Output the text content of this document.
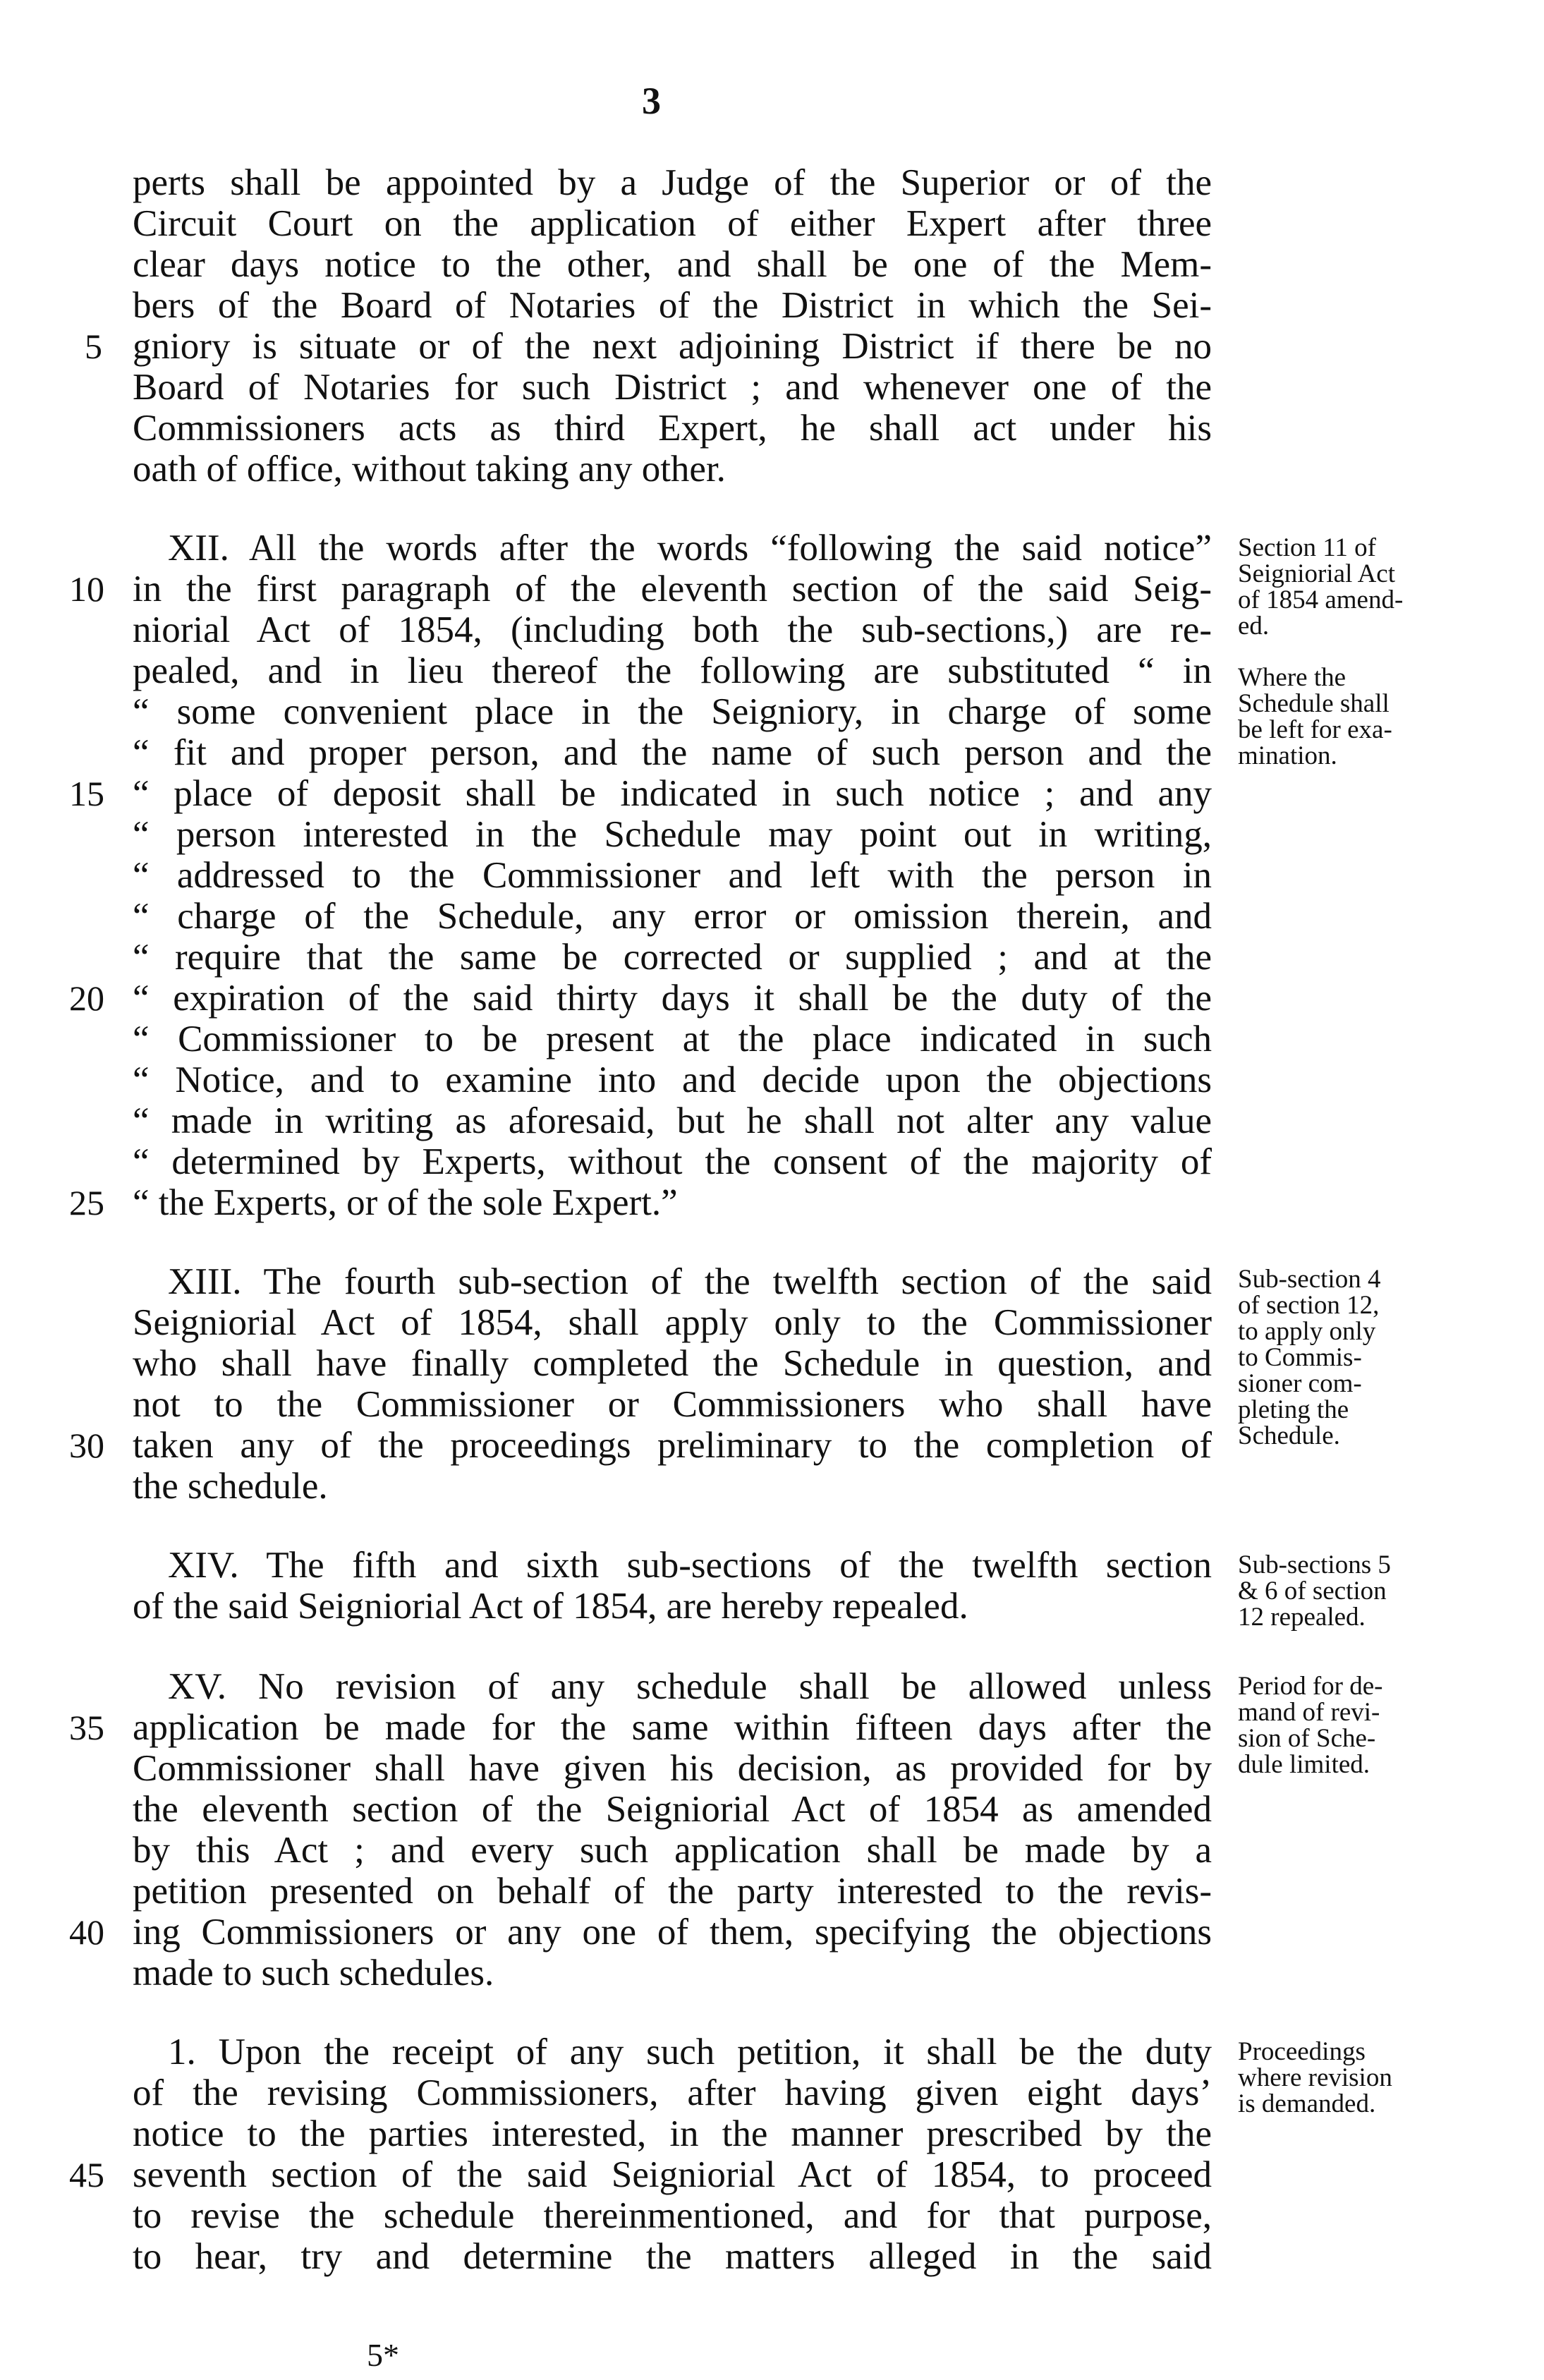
3
perts shall be appointed by a Judge of the Superior or of the
Circuit Court on the application of either Expert after three
clear days notice to the other, and shall be one of the Mem-
bers of the Board of Notaries of the District in which the Sei-
gniory is situate or of the next adjoining District if there be no
Board of Notaries for such District ; and whenever one of the
Commissioners acts as third Expert, he shall act under his
oath of office, without taking any other.
XII. All the words after the words “following the said notice”
in the first paragraph of the eleventh section of the said Seig-
niorial Act of 1854, (including both the sub-sections,) are re-
pealed, and in lieu thereof the following are substituted “ in
“ some convenient place in the Seigniory, in charge of some
“ fit and proper person, and the name of such person and the
“ place of deposit shall be indicated in such notice ; and any
“ person interested in the Schedule may point out in writing,
“ addressed to the Commissioner and left with the person in
“ charge of the Schedule, any error or omission therein, and
“ require that the same be corrected or supplied ; and at the
“ expiration of the said thirty days it shall be the duty of the
“ Commissioner to be present at the place indicated in such
“ Notice, and to examine into and decide upon the objections
“ made in writing as aforesaid, but he shall not alter any value
“ determined by Experts, without the consent of the majority of
“ the Experts, or of the sole Expert.”
XIII. The fourth sub-section of the twelfth section of the said
Seigniorial Act of 1854, shall apply only to the Commissioner
who shall have finally completed the Schedule in question, and
not to the Commissioner or Commissioners who shall have
taken any of the proceedings preliminary to the completion of
the schedule.
XIV. The fifth and sixth sub-sections of the twelfth section
of the said Seigniorial Act of 1854, are hereby repealed.
XV. No revision of any schedule shall be allowed unless
application be made for the same within fifteen days after the
Commissioner shall have given his decision, as provided for by
the eleventh section of the Seigniorial Act of 1854 as amended
by this Act ; and every such application shall be made by a
petition presented on behalf of the party interested to the revis-
ing Commissioners or any one of them, specifying the objections
made to such schedules.
1. Upon the receipt of any such petition, it shall be the duty
of the revising Commissioners, after having given eight days’
notice to the parties interested, in the manner prescribed by the
seventh section of the said Seigniorial Act of 1854, to proceed
to revise the schedule thereinmentioned, and for that purpose,
to hear, try and determine the matters alleged in the said
5
10
15
20
25
30
35
40
45
Section 11 of
Seigniorial Act
of 1854 amend-
ed.
Where the
Schedule shall
be left for exa-
mination.
Sub-section 4
of section 12,
to apply only
to Commis-
sioner com-
pleting the
Schedule.
Sub-sections 5
& 6 of section
12 repealed.
Period for de-
mand of revi-
sion of Sche-
dule limited.
Proceedings
where revision
is demanded.
5*
